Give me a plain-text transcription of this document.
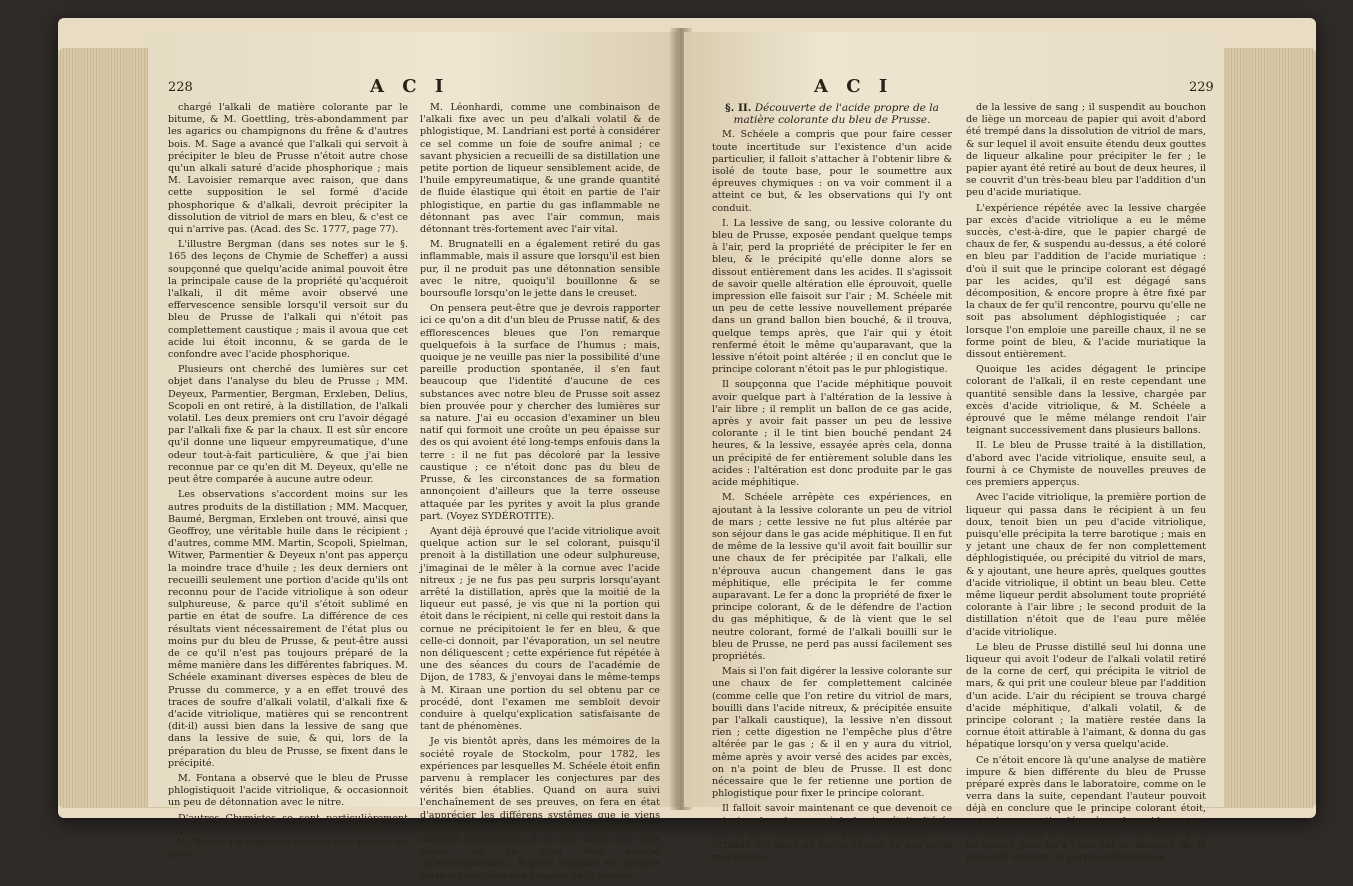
228	A C I

chargé l'alkali de matière colorante par le bitume, & M. Goettling, très-abondamment par les agarics ou champignons du frêne & d'autres bois. M. Sage a avancé que l'alkali qui servoit à précipiter le bleu de Prusse n'étoit autre chose qu'un alkali saturé d'acide phosphorique ; mais M. Lavoisier remarque avec raison, que dans cette supposition le sel formé d'acide phosphorique & d'alkali, devroit précipiter la dissolution de vitriol de mars en bleu, & c'est ce qui n'arrive pas. (Acad. des Sc. 1777, page 77).

L'illustre Bergman (dans ses notes sur le §. 165 des leçons de Chymie de Scheffer) a aussi soupçonné que quelqu'acide animal pouvoit être la principale cause de la propriété qu'acquéroit l'alkali, il dit même avoir observé une effervescence sensible lorsqu'il versoit sur du bleu de Prusse de l'alkali qui n'étoit pas complettement caustique ; mais il avoua que cet acide lui étoit inconnu, & se garda de le confondre avec l'acide phosphorique.

Plusieurs ont cherché des lumières sur cet objet dans l'analyse du bleu de Prusse ; MM. Deyeux, Parmentier, Bergman, Erxleben, Delius, Scopoli en ont retiré, à la distillation, de l'alkali volatil. Les deux premiers ont cru l'avoir dégagé par l'alkali fixe & par la chaux. Il est sûr encore qu'il donne une liqueur empyreumatique, d'une odeur tout-à-fait particulière, & que j'ai bien reconnue par ce qu'en dit M. Deyeux, qu'elle ne peut être comparée à aucune autre odeur.

Les observations s'accordent moins sur les autres produits de la distillation ; MM. Macquer, Baumé, Bergman, Erxleben ont trouvé, ainsi que Geoffroy, une véritable huile dans le récipient ; d'autres, comme MM. Martin, Scopoli, Spielman, Witwer, Parmentier & Deyeux n'ont pas apperçu la moindre trace d'huile ; les deux derniers ont recueilli seulement une portion d'acide qu'ils ont reconnu pour de l'acide vitriolique à son odeur sulphureuse, & parce qu'il s'étoit sublimé en partie en état de soufre. La différence de ces résultats vient nécessairement de l'état plus ou moins pur du bleu de Prusse, & peut-être aussi de ce qu'il n'est pas toujours préparé de la même manière dans les différentes fabriques. M. Schéele examinant diverses espèces de bleu de Prusse du commerce, y a en effet trouvé des traces de soufre d'alkali volatil, d'alkali fixe & d'acide vitriolique, matières qui se rencontrent (dit-il) aussi bien dans la lessive de sang que dans la lessive de suie, & qui, lors de la préparation du bleu de Prusse, se fixent dans le précipité.

M. Fontana a observé que le bleu de Prusse phlogistiquoit l'acide vitriolique, & occasionnoit un peu de détonnation avec le nitre.

D'autres Chymistes se sont particulièrement appliqués à l'examen de la lessive phlogistiquée : M. Weber l'a regardée comme une espèce de savon ;

M. Léonhardi, comme une combinaison de l'alkali fixe avec un peu d'alkali volatil & de phlogistique, M. Landriani est porté à considérer ce sel comme un foie de soufre animal ; ce savant physicien a recueilli de sa distillation une petite portion de liqueur sensiblement acide, de l'huile empyreumatique, & une grande quantité de fluide élastique qui étoit en partie de l'air phlogistique, en partie du gas inflammable ne détonnant pas avec l'air commun, mais détonnant très-fortement avec l'air vital.

M. Brugnatelli en a également retiré du gas inflammable, mais il assure que lorsqu'il est bien pur, il ne produit pas une détonnation sensible avec le nitre, quoiqu'il bouillonne & se boursoufle lorsqu'on le jette dans le creuset.

On pensera peut-être que je devrois rapporter ici ce qu'on a dit d'un bleu de Prusse natif, & des efflorescences bleues que l'on remarque quelquefois à la surface de l'humus ; mais, quoique je ne veuille pas nier la possibilité d'une pareille production spontanée, il s'en faut beaucoup que l'identité d'aucune de ces substances avec notre bleu de Prusse soit assez bien prouvée pour y chercher des lumières sur sa nature. J'ai eu occasion d'examiner un bleu natif qui formoit une croûte un peu épaisse sur des os qui avoient été long-temps enfouis dans la terre : il ne fut pas décoloré par la lessive caustique ; ce n'étoit donc pas du bleu de Prusse, & les circonstances de sa formation annonçoient d'ailleurs que la terre osseuse attaquée par les pyrites y avoit la plus grande part. (Voyez SYDÉROTITE).

Ayant déjà éprouvé que l'acide vitriolique avoit quelque action sur le sel colorant, puisqu'il prenoit à la distillation une odeur sulphureuse, j'imaginai de le mêler à la cornue avec l'acide nitreux ; je ne fus pas peu surpris lorsqu'ayant arrêté la distillation, après que la moitié de la liqueur eut passé, je vis que ni la portion qui étoit dans le récipient, ni celle qui restoit dans la cornue ne précipitoient le fer en bleu, & que celle-ci donnoit, par l'évaporation, un sel neutre non déliquescent ; cette expérience fut répétée à une des séances du cours de l'académie de Dijon, de 1783, & j'envoyai dans le même-temps à M. Kiraan une portion du sel obtenu par ce procédé, dont l'examen me sembloit devoir conduire à quelqu'explication satisfaisante de tant de phénomènes.

Je vis bientôt après, dans les mémoires de la société royale de Stockolm, pour 1782, les expériences par lesquelles M. Schéele étoit enfin parvenu à remplacer les conjectures par des vérités bien établies. Quand on aura suivi l'enchaînement de ses preuves, on fera en état d'apprécier les différens systêmes que je viens de rappeller ; on me dispensera volontiers de les discuter séparément, & on me saura gré, sans doute, de ne m'en être occupé qu'historiquement, & pour marquer en quelque sorte les périodes des progrès de la science.

A C I	229

§. II. Découverte de l'acide propre de la matière colorante du bleu de Prusse.

M. Schéele a compris que pour faire cesser toute incertitude sur l'existence d'un acide particulier, il falloit s'attacher à l'obtenir libre & isolé de toute base, pour le soumettre aux épreuves chymiques : on va voir comment il a atteint ce but, & les observations qui l'y ont conduit.

I. La lessive de sang, ou lessive colorante du bleu de Prusse, exposée pendant quelque temps à l'air, perd la propriété de précipiter le fer en bleu, & le précipité qu'elle donne alors se dissout entièrement dans les acides. Il s'agissoit de savoir quelle altération elle éprouvoit, quelle impression elle faisoit sur l'air ; M. Schéele mit un peu de cette lessive nouvellement préparée dans un grand ballon bien bouché, & il trouva, quelque temps après, que l'air qui y étoit renfermé étoit le même qu'auparavant, que la lessive n'étoit point altérée ; il en conclut que le principe colorant n'étoit pas le pur phlogistique.

Il soupçonna que l'acide méphitique pouvoit avoir quelque part à l'altération de la lessive à l'air libre ; il remplit un ballon de ce gas acide, après y avoir fait passer un peu de lessive colorante ; il le tint bien bouché pendant 24 heures, & la lessive, essayée après cela, donna un précipité de fer entièrement soluble dans les acides : l'altération est donc produite par le gas acide méphitique.

M. Schéele arrêpète ces expériences, en ajoutant à la lessive colorante un peu de vitriol de mars ; cette lessive ne fut plus altérée par son séjour dans le gas acide méphitique. Il en fut de même de la lessive qu'il avoit fait bouillir sur une chaux de fer précipitée par l'alkali, elle n'éprouva aucun changement dans le gas méphitique, elle précipita le fer comme auparavant. Le fer a donc la propriété de fixer le principe colorant, & de le défendre de l'action du gas méphitique, & de là vient que le sel neutre colorant, formé de l'alkali bouilli sur le bleu de Prusse, ne perd pas aussi facilement ses propriétés.

Mais si l'on fait digérer la lessive colorante sur une chaux de fer complettement calcinée (comme celle que l'on retire du vitriol de mars, bouilli dans l'acide nitreux, & précipitée ensuite par l'alkali caustique), la lessive n'en dissout rien ; cette digestion ne l'empêche plus d'être altérée par le gas ; & il en y aura du vitriol, même après y avoir versé des acides par excès, on n'a point de bleu de Prusse. Il est donc nécessaire que le fer retienne une portion de phlogistique pour fixer le principe colorant.

Il falloit savoir maintenant ce que devenoit ce principe dans les cas où la lessive étoit altérée par le gas méphitique : pour le découvrir, M. Schéele mit dans un ballon rempli de gas acide méphitique,

de la lessive de sang ; il suspendit au bouchon de liège un morceau de papier qui avoit d'abord été trempé dans la dissolution de vitriol de mars, & sur lequel il avoit ensuite étendu deux gouttes de liqueur alkaline pour précipiter le fer ; le papier ayant été retiré au bout de deux heures, il se couvrit d'un très-beau bleu par l'addition d'un peu d'acide muriatique.

L'expérience répétée avec la lessive chargée par excès d'acide vitriolique a eu le même succès, c'est-à-dire, que le papier chargé de chaux de fer, & suspendu au-dessus, a été coloré en bleu par l'addition de l'acide muriatique : d'où il suit que le principe colorant est dégagé par les acides, qu'il est dégagé sans décomposition, & encore propre à être fixé par la chaux de fer qu'il rencontre, pourvu qu'elle ne soit pas absolument déphlogistiquée ; car lorsque l'on emploie une pareille chaux, il ne se forme point de bleu, & l'acide muriatique la dissout entièrement.

Quoique les acides dégagent le principe colorant de l'alkali, il en reste cependant une quantité sensible dans la lessive, chargée par excès d'acide vitriolique, & M. Schéele a éprouvé que le même mélange rendoit l'air teignant successivement dans plusieurs ballons.

II. Le bleu de Prusse traité à la distillation, d'abord avec l'acide vitriolique, ensuite seul, a fourni à ce Chymiste de nouvelles preuves de ces premiers apperçus.

Avec l'acide vitriolique, la première portion de liqueur qui passa dans le récipient à un feu doux, tenoit bien un peu d'acide vitriolique, puisqu'elle précipita la terre barotique ; mais en y jetant une chaux de fer non complettement déphlogistiquée, ou précipité du vitriol de mars, & y ajoutant, une heure après, quelques gouttes d'acide vitriolique, il obtint un beau bleu. Cette même liqueur perdit absolument toute propriété colorante à l'air libre ; le second produit de la distillation n'étoit que de l'eau pure mêlée d'acide vitriolique.

Le bleu de Prusse distillé seul lui donna une liqueur qui avoit l'odeur de l'alkali volatil retiré de la corne de cerf, qui précipita le vitriol de mars, & qui prit une couleur bleue par l'addition d'un acide. L'air du récipient se trouva chargé d'acide méphitique, d'alkali volatil, & de principe colorant ; la matière restée dans la cornue étoit attirable à l'aimant, & donna du gas hépatique lorsqu'on y versa quelqu'acide.

Ce n'étoit encore là qu'une analyse de matière impure & bien différente du bleu de Prusse préparé exprès dans le laboratoire, comme on le verra dans la suite, cependant l'auteur pouvoit déjà en conclure que le principe colorant étoit, au moins en partie, dégagé par les acides ou par la chaleur, sans se décomposer ; le succès qu'il ne restoit plus qu'à chercher la manière de le recueillir exempt de parties hétérogènes.
